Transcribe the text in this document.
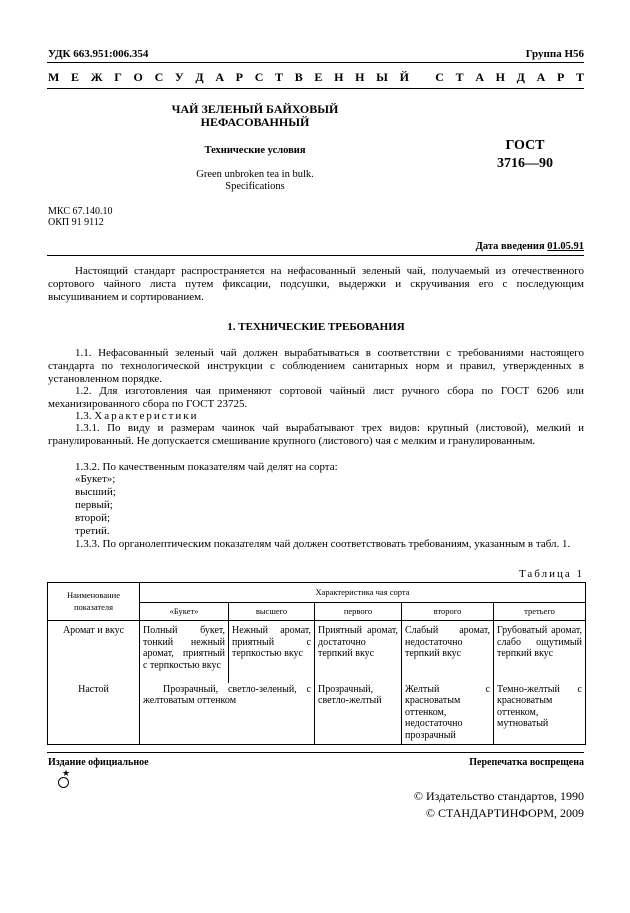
УДК 663.951:006.354	Группа Н56
М Е Ж Г О С У Д А Р С Т В Е Н Н Ы Й
С Т А Н Д А Р Т
ЧАЙ ЗЕЛЕНЫЙ БАЙХОВЫЙ
НЕФАСОВАННЫЙ
Технические условия
Green unbroken tea in bulk.
Specifications
ГОСТ
3716—90
МКС 67.140.10
ОКП 91 9112
Дата введения 01.05.91
Настоящий стандарт распространяется на нефасованный зеленый чай, получаемый из отечественного сортового чайного листа путем фиксации, подсушки, выдержки и скручивания его с последующим высушиванием и сортированием.
1. ТЕХНИЧЕСКИЕ ТРЕБОВАНИЯ
1.1. Нефасованный зеленый чай должен вырабатываться в соответствии с требованиями настоящего стандарта по технологической инструкции с соблюдением санитарных норм и правил, утвержденных в установленном порядке.
1.2. Для изготовления чая применяют сортовой чайный лист ручного сбора по ГОСТ 6206 или механизированного сбора по ГОСТ 23725.
1.3. Характеристики
1.3.1. По виду и размерам чаинок чай вырабатывают трех видов: крупный (листовой), мелкий и гранулированный. Не допускается смешивание крупного (листового) чая с мелким и гранулированным.
1.3.2. По качественным показателям чай делят на сорта:
«Букет»;
высший;
первый;
второй;
третий.
1.3.3. По органолептическим показателям чай должен соответствовать требованиям, указанным в табл. 1.
Таблица 1
Наименование показателя	Характеристика чая сорта				
	«Букет»	высшего	первого	второго	третьего
Аромат и вкус	Полный букет, тонкий нежный аромат, приятный с терпкостью вкус	Нежный аромат, приятный с терпкостью вкус	Приятный аромат, достаточно терпкий вкус	Слабый аромат, недостаточно терпкий вкус	Грубоватый аромат, слабо ощутимый терпкий вкус
Настой	Прозрачный, светло-зеленый, с желтоватым оттенком		Прозрачный, светло-желтый	Желтый с красноватым оттенком, недостаточно прозрачный	Темно-желтый с красноватым оттенком, мутноватый
Издание официальное	Перепечатка воспрещена
★
© Издательство стандартов, 1990
© СТАНДАРТИНФОРМ, 2009
